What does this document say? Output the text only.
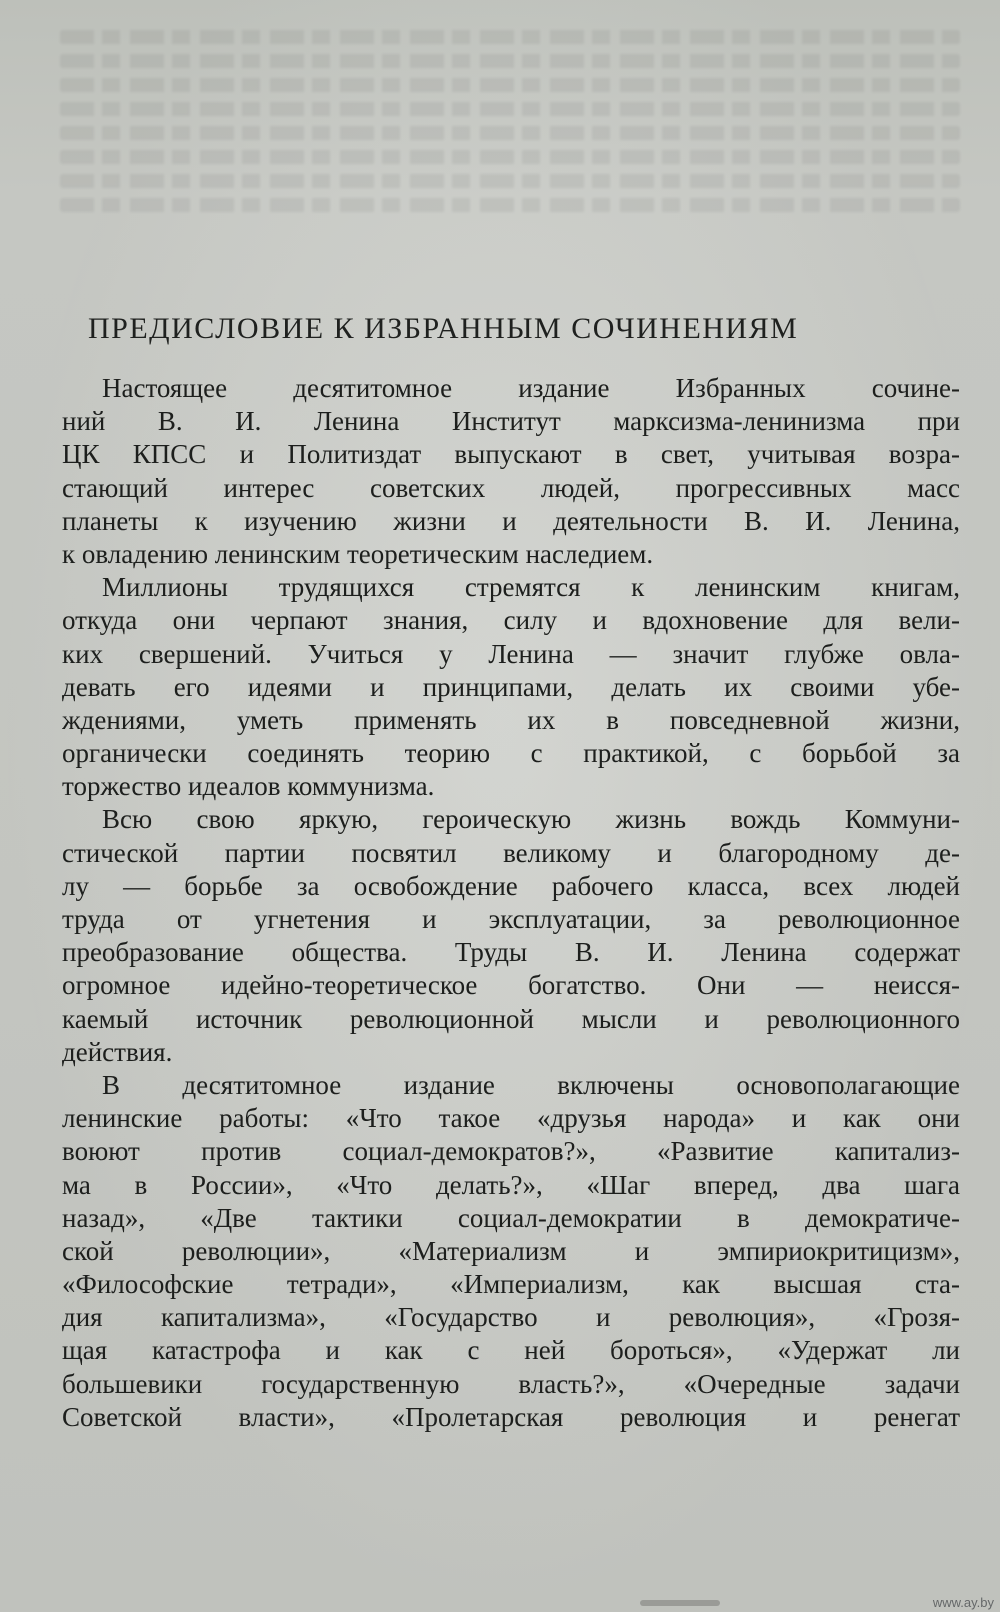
ПРЕДИСЛОВИЕ К ИЗБРАННЫМ СОЧИНЕНИЯМ
Настоящее десятитомное издание Избранных сочине-
ний В. И. Ленина Институт марксизма-ленинизма при
ЦК КПСС и Политиздат выпускают в свет, учитывая возра-
стающий интерес советских людей, прогрессивных масс
планеты к изучению жизни и деятельности В. И. Ленина,
к овладению ленинским теоретическим наследием.
Миллионы трудящихся стремятся к ленинским книгам,
откуда они черпают знания, силу и вдохновение для вели-
ких свершений. Учиться у Ленина — значит глубже овла-
девать его идеями и принципами, делать их своими убе-
ждениями, уметь применять их в повседневной жизни,
органически соединять теорию с практикой, с борьбой за
торжество идеалов коммунизма.
Всю свою яркую, героическую жизнь вождь Коммуни-
стической партии посвятил великому и благородному де-
лу — борьбе за освобождение рабочего класса, всех людей
труда от угнетения и эксплуатации, за революционное
преобразование общества. Труды В. И. Ленина содержат
огромное идейно-теоретическое богатство. Они — неисся-
каемый источник революционной мысли и революционного
действия.
В десятитомное издание включены основополагающие
ленинские работы: «Что такое «друзья народа» и как они
воюют против социал-демократов?», «Развитие капитализ-
ма в России», «Что делать?», «Шаг вперед, два шага
назад», «Две тактики социал-демократии в демократиче-
ской революции», «Материализм и эмпириокритицизм»,
«Философские тетради», «Империализм, как высшая ста-
дия капитализма», «Государство и революция», «Грозя-
щая катастрофа и как с ней бороться», «Удержат ли
большевики государственную власть?», «Очередные задачи
Советской власти», «Пролетарская революция и ренегат
www.ay.by
